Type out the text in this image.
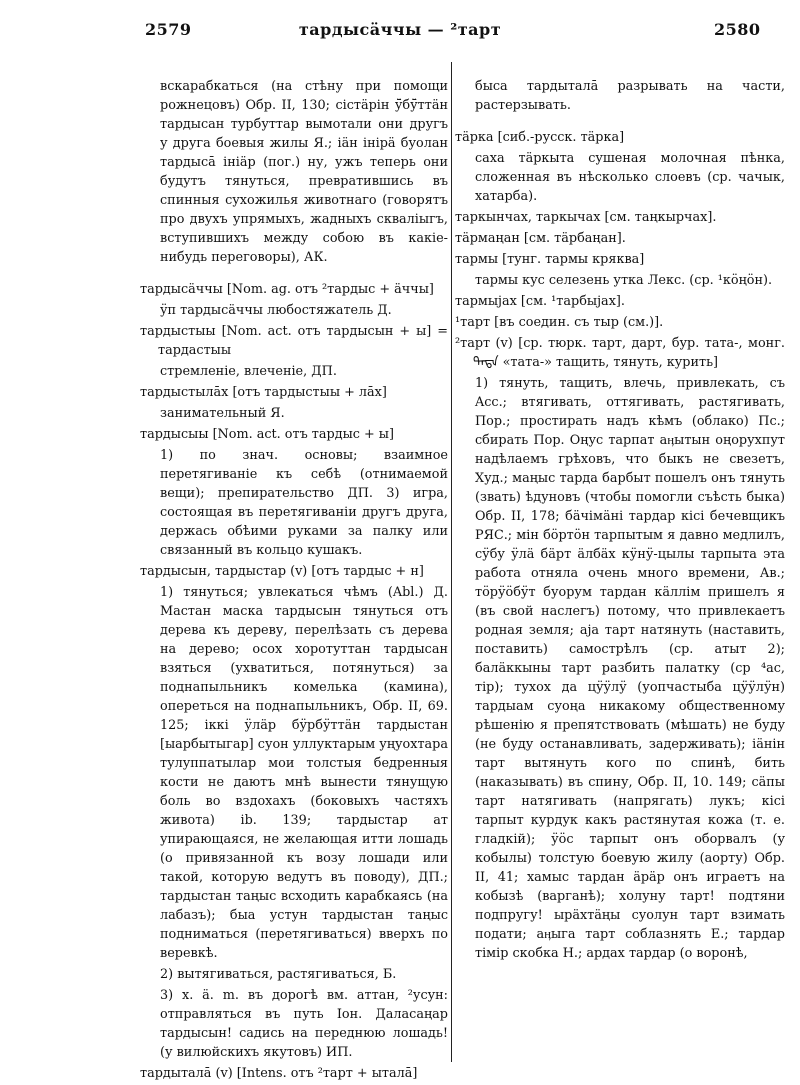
2579	тардысäччы — ²тарт	2580

вскарабкаться (на стѣну при помощи рожнецовъ) Обр. II, 130; сiстäрiн ӱ̄бӱ̄ттäн тардысан турбуттар вымотали они другъ у друга боевыя жилы Я.; iäн iнiрä буолан тардыса̄ iнiäр (пог.) ну, ужъ теперь они будутъ тянуться, превратившись въ спинныя сухожилья животнаго (говорятъ про двухъ упрямыхъ, жадныхъ скваліыгъ, вступившихъ между собою въ какiе-нибудь переговоры), АК.

тардысäччы [Nom. ag. отъ ²тардыс + äччы]

ӱп тардысäччы любостяжатель Д.

тардыстыы [Nom. act. отъ тардысын + ы] = тардастыы

стремленiе, влеченiе, ДП.

тардыстыла̄х [отъ тардыстыы + ла̄х]

занимательный Я.

тардысыы [Nom. act. отъ тардыс + ы]

1) по знач. основы; взаимное перетягиванiе къ себѣ (отнимаемой вещи); препирательство ДП. 3) игра, состоящая въ перетягиванiи другъ друга, держась обѣими руками за палку или связанный въ кольцо кушакъ.

тардысын, тардыстар (v) [отъ тардыс + н]

1) тянуться; увлекаться чѣмъ (Abl.) Д. Мастан маска тардысын тянуться отъ дерева къ дереву, перелѣзать съ дерева на дерево; осох хоротуттан тардысан взяться (ухватиться, потянуться) за поднапыльникъ комелька (камина), опереться на поднапыльникъ, Обр. II, 69. 125; iккi ӱлäр бӱрбӱттäн тардыстан [ыарбытыгар] суон уллуктарым уңуохтара тулуппатылар мои толстыя бедренныя кости не даютъ мнѣ вынести тянущую боль во вздохахъ (боковыхъ частяхъ живота) ib. 139; тардыстар ат упирающаяся, не желающая итти лошадь (о привязанной къ возу лошади или такой, которую ведутъ въ поводу), ДП.; тардыстан таңыс всходить карабкаясь (на лабазъ); быа устун тардыстан таңыс подниматься (перетягиваться) вверхъ по веревкѣ.

2) вытягиваться, растягиваться, Б.

3) x. ä. m. въ дорогѣ вм. аттан, ²усун: отправляться въ путь Iон. Даласаңар тардысын! садись на переднюю лошадь! (у вилюйскихъ якутовъ) ИП.

тардытала̄ (v) [Intens. отъ ²тарт + ытала̄]

быса тардытала̄ разрывать на части, растерзывать.

тäрка [сиб.-русск. тäрка]

саха тäркыта сушеная молочная пѣнка, сложенная въ нѣсколько слоевъ (ср. чачык, хатарба).

таркынчах, таркычах [см. таңкырчах].

тäрмаңан [см. тäрбаңан].

тармы [тунг. тармы кряква]

тармы кус селезень утка Лекс. (ср. ¹кӧңӧн).

тармыjах [см. ¹тарбыjах].

¹тарт [въ соедин. съ тыр (см.)].

²тарт (v) [ср. тюрк. тарт, дарт, бур. тата-, монг. ᠲᠠᠲᠠ «тата-» тащить, тянуть, курить]

1) тянуть, тащить, влечь, привлекать, съ Acc.; втягивать, оттягивать, растягивать, Пор.; простирать надъ кѣмъ (облако) Пс.; сбирать Пор. Оңус тарпат аӊытын оңорухпут надѣлаемъ грѣховъ, что быкъ не свезетъ, Худ.; маңыс тарда барбыт пошелъ онъ тянуть (звать) ѣдуновъ (чтобы помогли съѣсть быка) Обр. II, 178; бäчiмäнi тардар кiсi бечевщикъ РЯС.; мiн бӧртӧн тарпытым я давно медлилъ, сӱбу ӱлä бäрт äлбäх кӱнӱ-цылы тарпыта эта работа отняла очень много времени, Ав.; тӧрӱӧбӱт буорум тардан кäллiм пришелъ я (въ свой наслегъ) потому, что привлекаетъ родная земля; аjа тарт натянуть (наставить, поставить) самострѣлъ (ср. атыт 2); балäккыны тарт разбить палатку (ср ⁴ас, тiр); тухох да цӱӱлӱ (уопчастыба цӱӱлӱн) тардыам суоңа никакому общественному рѣшенiю я препятствовать (мѣшать) не буду (не буду останавливать, задерживать); iäнiн тарт вытянуть кого по спинѣ, бить (наказывать) въ спину, Обр. II, 10. 149; сäпы тарт натягивать (напрягать) лукъ; кiсi тарпыт курдук какъ растянутая кожа (т. е. гладкiй); ӱӧс тарпыт онъ оборвалъ (у кобылы) толстую боевую жилу (аорту) Обр. II, 41; хамыс тардан äрäр онъ играетъ на кобызѣ (варганѣ); холуну тарт! подтяни подпругу! ырäхтäңы суолун тарт взимать подати; аӊыга тарт соблазнять Е.; тардар тiмiр скобка Н.; ардах тардар (о воронѣ,
